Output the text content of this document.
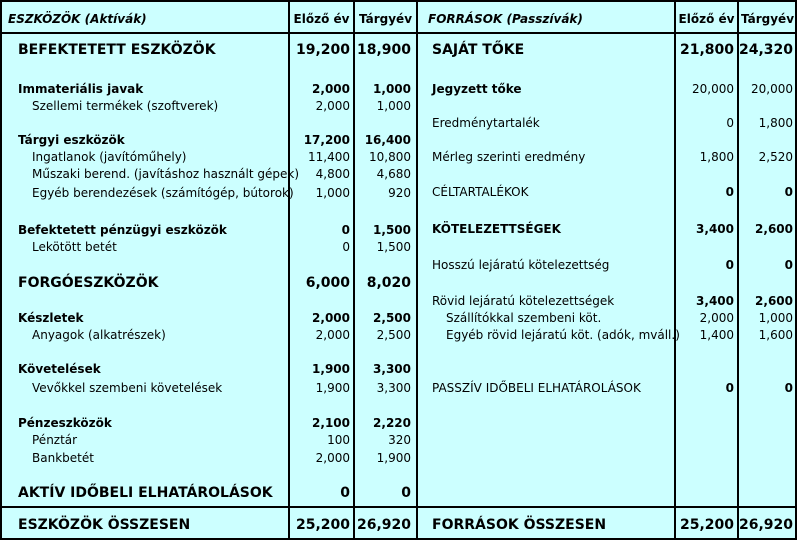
ESZKÖZÖK (Aktívák)	Előző év Tárgyév
BEFEKTETETT ESZKÖZÖK	19,200 18,900
Immateriális javak	2,000	1,000
Szellemi termékek (szoftverek)	2,000	1,000
Tárgyi eszközök	17,200	16,400
Ingatlanok (javítóműhely)	11,400	10,800
Műszaki berend. (javításhoz használt gépek)	4,800	4,680
Egyéb berendezések (számítógép, bútorok)	1,000	920
Befektetett pénzügyi eszközök	0	1,500
Lekötött betét	0	1,500
FORGÓESZKÖZÖK	6,000	8,020
Készletek	2,000	2,500
Anyagok (alkatrészek)	2,000	2,500
Követelések	1,900	3,300
Vevőkkel szembeni követelések	1,900	3,300
Pénzeszközök	2,100	2,220
Pénztár	100	320
Bankbetét	2,000	1,900
AKTÍV IDŐBELI ELHATÁROLÁSOK	0	0
ESZKÖZÖK ÖSSZESEN	25,200 26,920
FORRÁSOK (Passzívák)	Előző év Tárgyév
SAJÁT TŐKE	21,800 24,320
Jegyzett tőke	20,000	20,000
Eredménytartalék	0	1,800
Mérleg szerinti eredmény	1,800	2,520
CÉLTARTALÉKOK	0	0
KÖTELEZETTSÉGEK	3,400	2,600
Hosszú lejáratú kötelezettség	0	0
Rövid lejáratú kötelezettségek	3,400	2,600
Szállítókkal szembeni köt.	2,000	1,000
Egyéb rövid lejáratú köt. (adók, mváll.)	1,400	1,600
PASSZÍV IDŐBELI ELHATÁROLÁSOK	0	0
FORRÁSOK ÖSSZESEN	25,200 26,920
